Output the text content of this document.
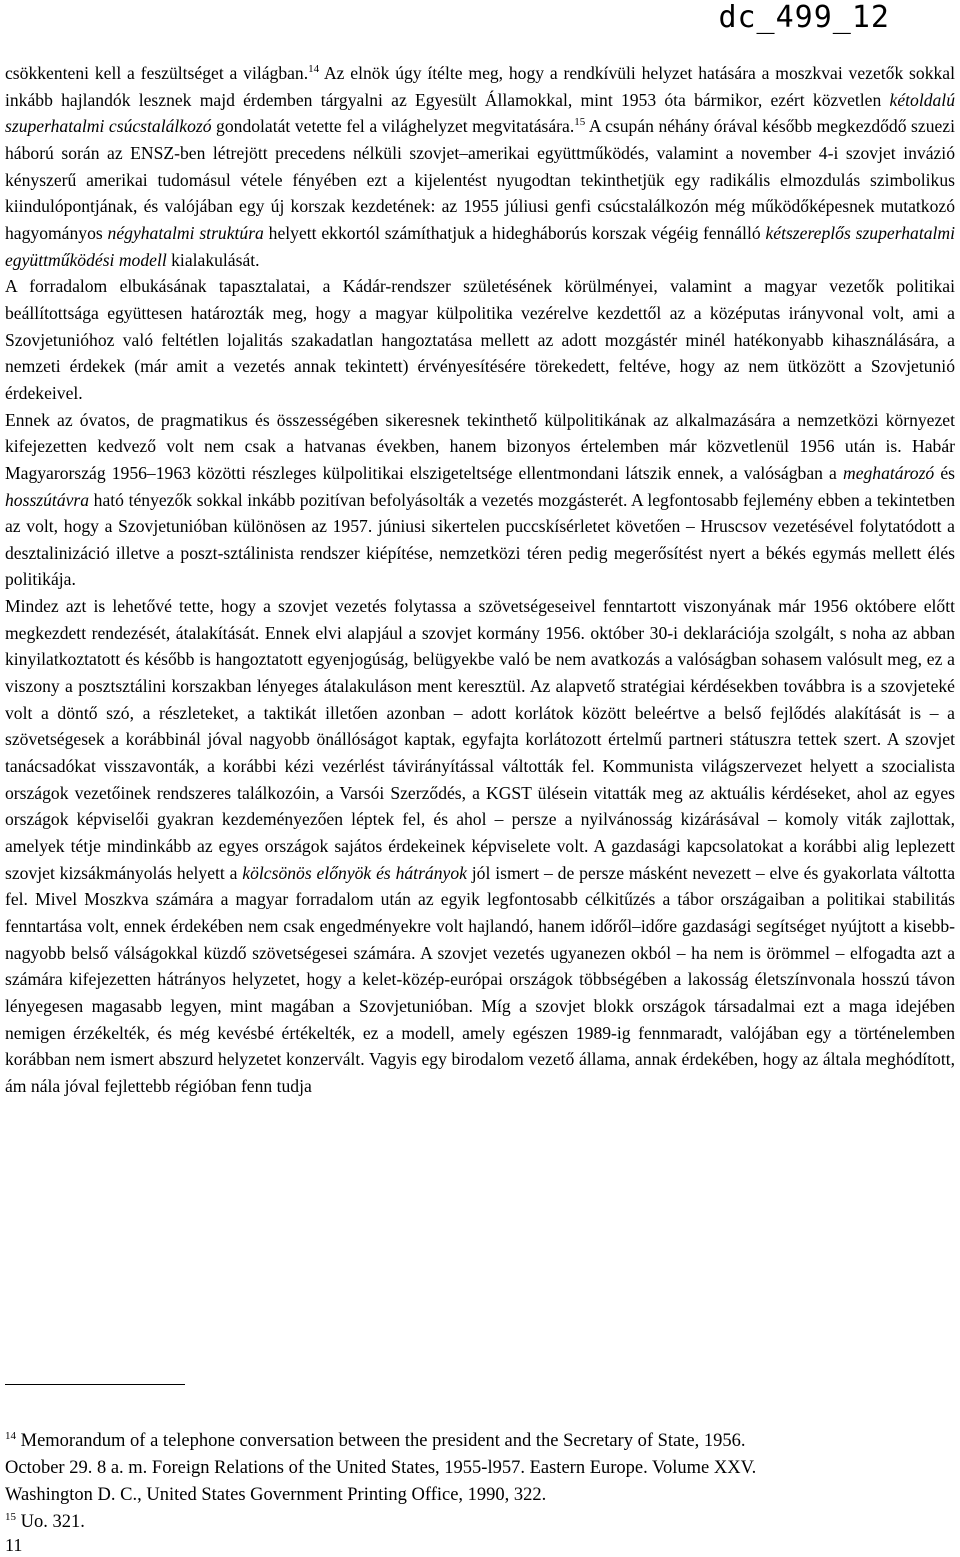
dc_499_12

csökkenteni kell a feszültséget a világban.$^{14}$ Az elnök úgy ítélte meg, hogy a rendkívüli helyzet hatására a moszkvai vezetők sokkal inkább hajlandók lesznek majd érdemben tárgyalni az Egyesült Államokkal, mint 1953 óta bármikor, ezért közvetlen kétoldalú szuperhatalmi csúcstalálkozó gondolatát vetette fel a világhelyzet megvitatására.$^{15}$ A csupán néhány órával később megkezdődő szuezi háború során az ENSZ-ben létrejött precedens nélküli szovjet–amerikai együttműködés, valamint a november 4-i szovjet invázió kényszerű amerikai tudomásul vétele fényében ezt a kijelentést nyugodtan tekinthetjük egy radikális elmozdulás szimbolikus kiindulópontjának, és valójában egy új korszak kezdetének: az 1955 júliusi genfi csúcstalálkozón még működőképesnek mutatkozó hagyományos négyhatalmi struktúra helyett ekkortól számíthatjuk a hidegháborús korszak végéig fennálló kétszereplős szuperhatalmi együttműködési modell kialakulását.

A forradalom elbukásának tapasztalatai, a Kádár-rendszer születésének körülményei, valamint a magyar vezetők politikai beállítottsága együttesen határozták meg, hogy a magyar külpolitika vezérelve kezdettől az a középutas irányvonal volt, ami a Szovjetunióhoz való feltétlen lojalitás szakadatlan hangoztatása mellett az adott mozgástér minél hatékonyabb kihasználására, a nemzeti érdekek (már amit a vezetés annak tekintett) érvényesítésére törekedett, feltéve, hogy az nem ütközött a Szovjetunió érdekeivel.

Ennek az óvatos, de pragmatikus és összességében sikeresnek tekinthető külpolitikának az alkalmazására a nemzetközi környezet kifejezetten kedvező volt nem csak a hatvanas években, hanem bizonyos értelemben már közvetlenül 1956 után is. Habár Magyarország 1956–1963 közötti részleges külpolitikai elszigeteltsége ellentmondani látszik ennek, a valóságban a meghatározó és hosszútávra ható tényezők sokkal inkább pozitívan befolyásolták a vezetés mozgásterét. A legfontosabb fejlemény ebben a tekintetben az volt, hogy a Szovjetunióban különösen az 1957. júniusi sikertelen puccskísérletet követően – Hruscsov vezetésével folytatódott a desztalinizáció illetve a poszt-sztálinista rendszer kiépítése, nemzetközi téren pedig megerősítést nyert a békés egymás mellett élés politikája.

Mindez azt is lehetővé tette, hogy a szovjet vezetés folytassa a szövetségeseivel fenntartott viszonyának már 1956 októbere előtt megkezdett rendezését, átalakítását. Ennek elvi alapjául a szovjet kormány 1956. október 30-i deklarációja szolgált, s noha az abban kinyilatkoztatott és később is hangoztatott egyenjogúság, belügyekbe való be nem avatkozás a valóságban sohasem valósult meg, ez a viszony a posztsztálini korszakban lényeges átalakuláson ment keresztül. Az alapvető stratégiai kérdésekben továbbra is a szovjeteké volt a döntő szó, a részleteket, a taktikát illetően azonban – adott korlátok között beleértve a belső fejlődés alakítását is – a szövetségesek a korábbinál jóval nagyobb önállóságot kaptak, egyfajta korlátozott értelmű partneri státuszra tettek szert. A szovjet tanácsadókat visszavonták, a korábbi kézi vezérlést távirányítással váltották fel. Kommunista világszervezet helyett a szocialista országok vezetőinek rendszeres találkozóin, a Varsói Szerződés, a KGST ülésein vitatták meg az aktuális kérdéseket, ahol az egyes országok képviselői gyakran kezdeményezően léptek fel, és ahol – persze a nyilvánosság kizárásával – komoly viták zajlottak, amelyek tétje mindinkább az egyes országok sajátos érdekeinek képviselete volt. A gazdasági kapcsolatokat a korábbi alig leplezett szovjet kizsákmányolás helyett a kölcsönös előnyök és hátrányok jól ismert – de persze másként nevezett – elve és gyakorlata váltotta fel. Mivel Moszkva számára a magyar forradalom után az egyik legfontosabb célkitűzés a tábor országaiban a politikai stabilitás fenntartása volt, ennek érdekében nem csak engedményekre volt hajlandó, hanem időről–időre gazdasági segítséget nyújtott a kisebb-nagyobb belső válságokkal küzdő szövetségesei számára. A szovjet vezetés ugyanezen okból – ha nem is örömmel – elfogadta azt a számára kifejezetten hátrányos helyzetet, hogy a kelet-közép-európai országok többségében a lakosság életszínvonala hosszú távon lényegesen magasabb legyen, mint magában a Szovjetunióban. Míg a szovjet blokk országok társadalmai ezt a maga idejében nemigen érzékelték, és még kevésbé értékelték, ez a modell, amely egészen 1989-ig fennmaradt, valójában egy a történelemben korábban nem ismert abszurd helyzetet konzervált. Vagyis egy birodalom vezető állama, annak érdekében, hogy az általa meghódított, ám nála jóval fejlettebb régióban fenn tudja

$^{14}$ Memorandum of a telephone conversation between the president and the Secretary of State, 1956.

October 29. 8 a. m. Foreign Relations of the United States, 1955-l957. Eastern Europe. Volume XXV.

Washington D. C., United States Government Printing Office, 1990, 322.

$^{15}$ Uo. 321.

11
